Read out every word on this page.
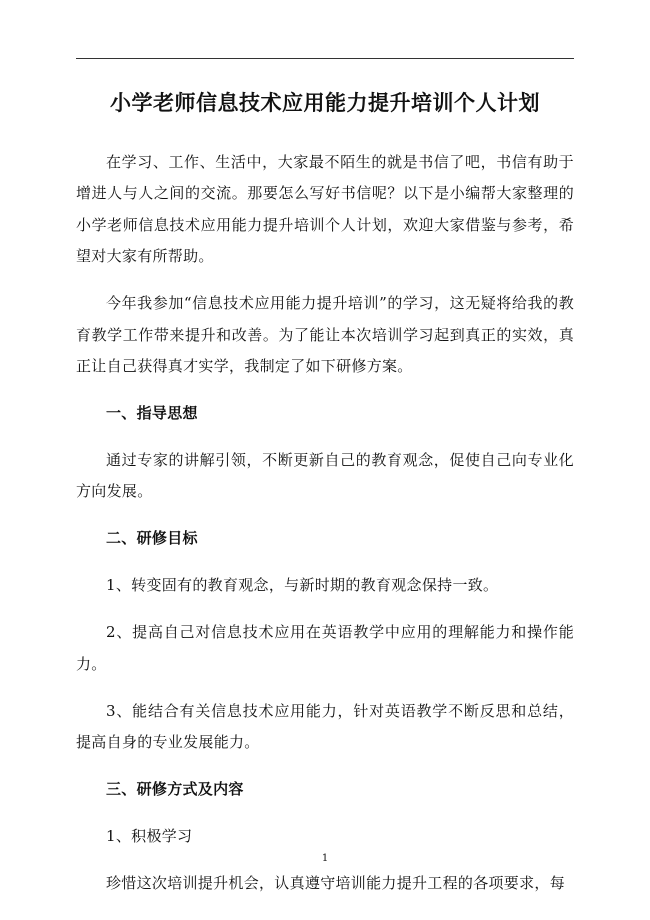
小学老师信息技术应用能力提升培训个人计划

在学习、工作、生活中，大家最不陌生的就是书信了吧，书信有助于增进人与人之间的交流。那要怎么写好书信呢？以下是小编帮大家整理的小学老师信息技术应用能力提升培训个人计划，欢迎大家借鉴与参考，希望对大家有所帮助。

今年我参加“信息技术应用能力提升培训”的学习，这无疑将给我的教育教学工作带来提升和改善。为了能让本次培训学习起到真正的实效，真正让自己获得真才实学，我制定了如下研修方案。

一、指导思想

通过专家的讲解引领，不断更新自己的教育观念，促使自己向专业化方向发展。

二、研修目标

1、转变固有的教育观念，与新时期的教育观念保持一致。

2、提高自己对信息技术应用在英语教学中应用的理解能力和操作能力。

3、能结合有关信息技术应用能力，针对英语教学不断反思和总结，提高自身的专业发展能力。

三、研修方式及内容

1、积极学习

珍惜这次培训提升机会，认真遵守培训能力提升工程的各项要求，每

1
